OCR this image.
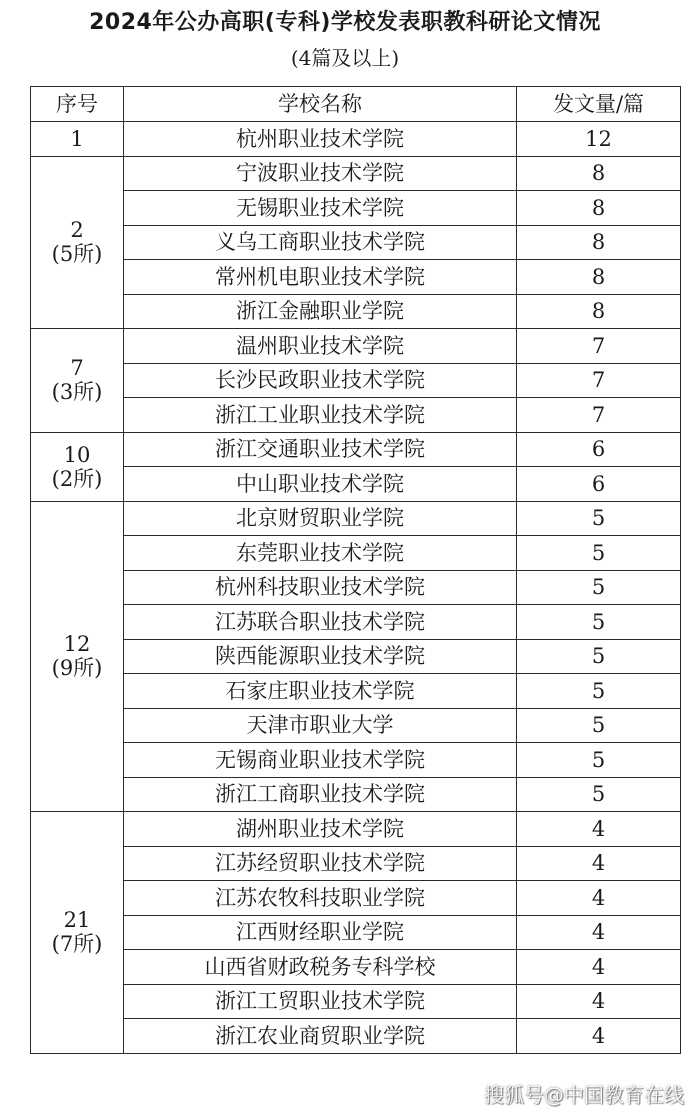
2024年公办高职(专科)学校发表职教科研论文情况
(4篇及以上)
序号	学校名称	发文量/篇

1	杭州职业技术学院	12

2
(5所)	宁波职业技术学院	8
	无锡职业技术学院	8
	义乌工商职业技术学院	8
	常州机电职业技术学院	8
	浙江金融职业学院	8

7
(3所)	温州职业技术学院	7
	长沙民政职业技术学院	7
	浙江工业职业技术学院	7

10
(2所)	浙江交通职业技术学院	6
	中山职业技术学院	6

12
(9所)	北京财贸职业学院	5
	东莞职业技术学院	5
	杭州科技职业技术学院	5
	江苏联合职业技术学院	5
	陕西能源职业技术学院	5
	石家庄职业技术学院	5
	天津市职业大学	5
	无锡商业职业技术学院	5
	浙江工商职业技术学院	5

21
(7所)	湖州职业技术学院	4
	江苏经贸职业技术学院	4
	江苏农牧科技职业学院	4
	江西财经职业学院	4
	山西省财政税务专科学校	4
	浙江工贸职业技术学院	4
	浙江农业商贸职业学院	4
搜狐号@中国教育在线
